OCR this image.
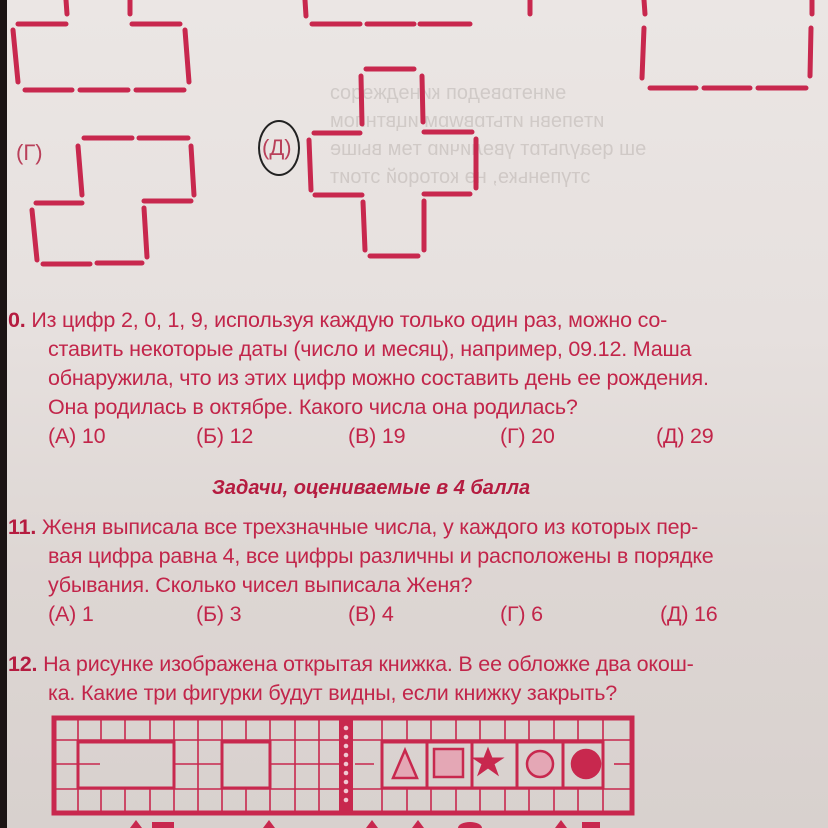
ɘинɘтɒвɘдоп кинɘджɘqоɔ
итɘпɘвн итьтɒвwɒм ицвтнпом
ɘш qɘаүльтɒт үвɘличиɒ тɘм выше
ɔтүпɘнькɘ, нɘ котоqой ɔтоит
(Г)	(Д)
0. Из цифр 2, 0, 1, 9, используя каждую только один раз, можно со-
ставить некоторые даты (число и месяц), например, 09.12. Маша
обнаружила, что из этих цифр можно составить день ее рождения.
Она родилась в октябре. Какого числа она родилась?
(А) 10	(Б) 12	(В) 19	(Г) 20	(Д) 29
Задачи, оцениваемые в 4 балла
11. Женя выписала все трехзначные числа, у каждого из которых пер-
вая цифра равна 4, все цифры различны и расположены в порядке
убывания. Сколько чисел выписала Женя?
(А) 1	(Б) 3	(В) 4	(Г) 6	(Д) 16
12. На рисунке изображена открытая книжка. В ее обложке два окош-
ка. Какие три фигурки будут видны, если книжку закрыть?
